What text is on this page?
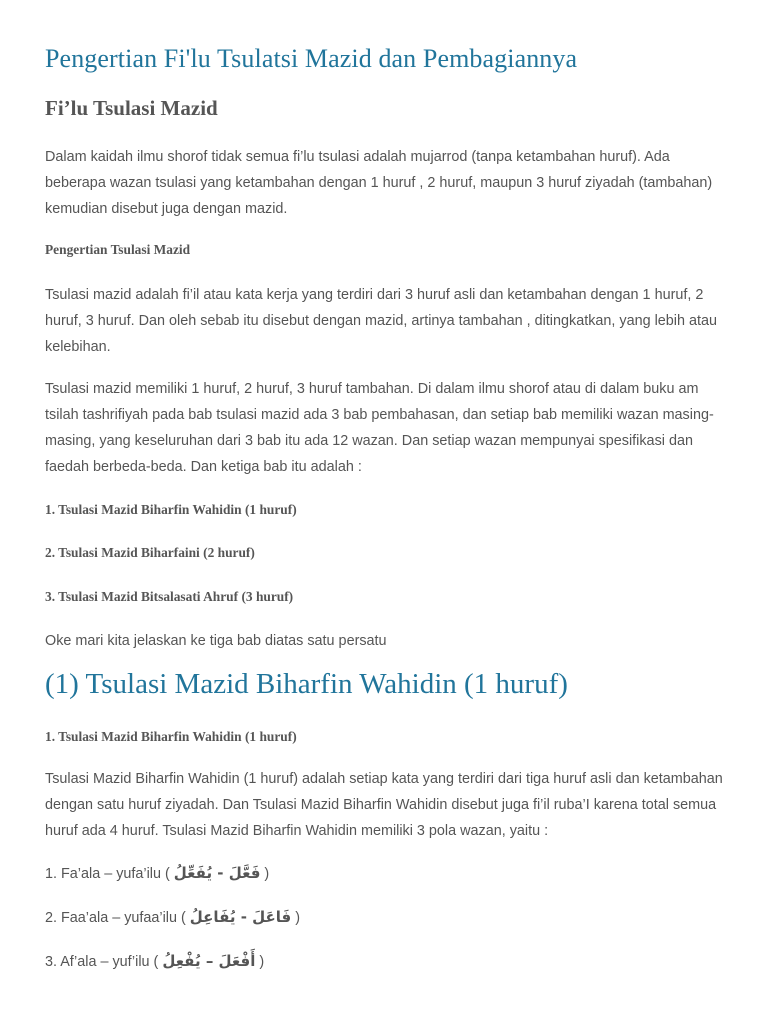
Pengertian Fi'lu Tsulatsi Mazid dan Pembagiannya
Fi’lu Tsulasi Mazid

Dalam kaidah ilmu shorof tidak semua fi’lu tsulasi adalah mujarrod (tanpa ketambahan huruf). Ada beberapa wazan tsulasi yang ketambahan dengan 1 huruf , 2 huruf, maupun 3 huruf ziyadah (tambahan) kemudian disebut juga dengan mazid.

Pengertian Tsulasi Mazid

Tsulasi mazid adalah fi’il atau kata kerja yang terdiri dari 3 huruf asli dan ketambahan dengan 1 huruf, 2 huruf, 3 huruf. Dan oleh sebab itu disebut dengan mazid, artinya tambahan , ditingkatkan, yang lebih atau kelebihan.

Tsulasi mazid memiliki 1 huruf, 2 huruf, 3 huruf tambahan. Di dalam ilmu shorof atau di dalam buku am tsilah tashrifiyah pada bab tsulasi mazid ada 3 bab pembahasan, dan setiap bab memiliki wazan masing-masing, yang keseluruhan dari 3 bab itu ada 12 wazan. Dan setiap wazan mempunyai spesifikasi dan faedah berbeda-beda. Dan ketiga bab itu adalah :

1. Tsulasi Mazid Biharfin Wahidin (1 huruf)

2. Tsulasi Mazid Biharfaini (2 huruf)

3. Tsulasi Mazid Bitsalasati Ahruf (3 huruf)

Oke mari kita jelaskan ke tiga bab diatas satu persatu

(1) Tsulasi Mazid Biharfin Wahidin (1 huruf)

1. Tsulasi Mazid Biharfin Wahidin (1 huruf)

Tsulasi Mazid Biharfin Wahidin (1 huruf) adalah setiap kata yang terdiri dari tiga huruf asli dan ketambahan dengan satu huruf ziyadah. Dan Tsulasi Mazid Biharfin Wahidin disebut juga fi’il ruba’I karena total semua huruf ada 4 huruf. Tsulasi Mazid Biharfin Wahidin memiliki 3 pola wazan, yaitu :

1. Fa’ala – yufa’ilu ( فَعَّلَ - يُفَعِّلُ )

2. Faa’ala – yufaa’ilu ( فَاعَلَ - يُفَاعِلُ )

3. Af’ala – yuf’ilu ( أَفْعَلَ – يُفْعِلُ )
